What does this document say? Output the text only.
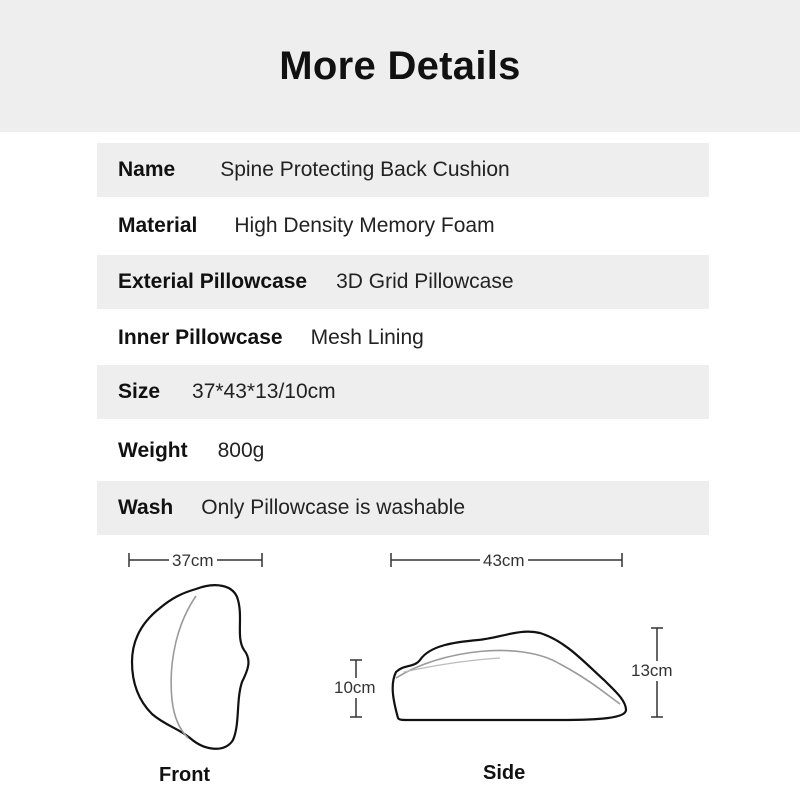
More Details
Name Spine Protecting Back Cushion
Material High Density Memory Foam
Exterial Pillowcase 3D Grid Pillowcase
Inner Pillowcase Mesh Lining
Size 37*43*13/10cm
Weight 800g
Wash Only Pillowcase is washable
37cm	43cm
10cm
13cm
Front	Side
